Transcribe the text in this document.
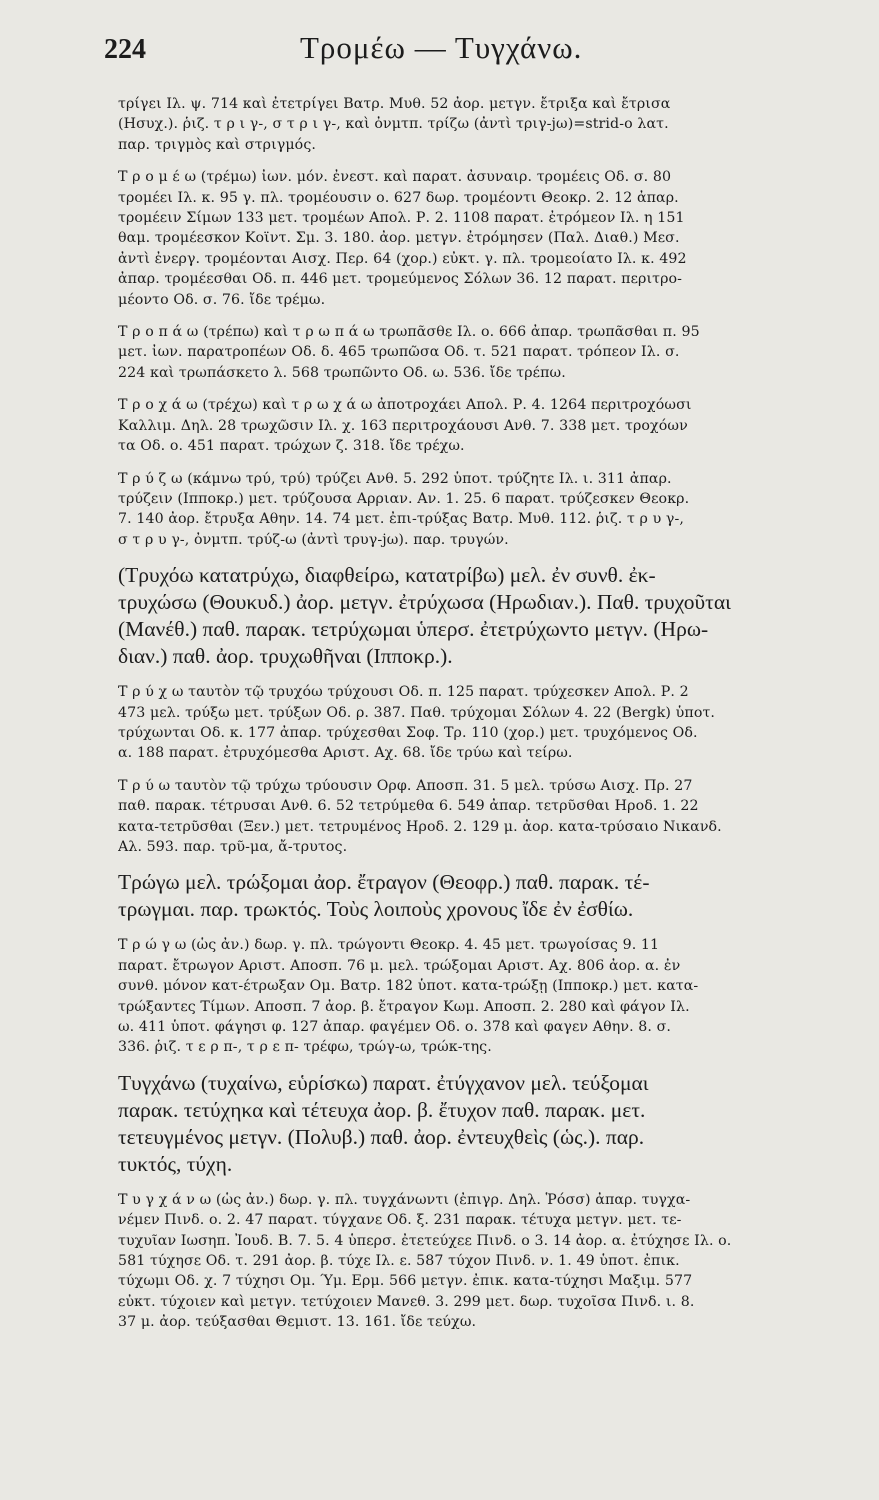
224	Τρομέω — Τυγχάνω.
τρίγει Ιλ. ψ. 714 καὶ ἐτετρίγει Βατρ. Μυθ. 52 ἀορ. μετγν. ἔτριξα καὶ ἔτρισα
(Ησυχ.). ῥιζ. τ ρ ι γ-, σ τ ρ ι γ-, καὶ ὀνμτπ. τρίζω (ἀντὶ τριγ-jω)=strid-o λατ.
παρ. τριγμὸς καὶ στριγμός.
Τ ρ ο μ έ ω (τρέμω) ἰων. μόν. ἐνεστ. καὶ παρατ. ἀσυναιρ. τρομέεις Οδ. σ. 80
τρομέει Ιλ. κ. 95 γ. πλ. τρομέουσιν ο. 627 δωρ. τρομέοντι Θεοκρ. 2. 12 ἀπαρ.
τρομέειν Σίμων 133 μετ. τρομέων Απολ. Ρ. 2. 1108 παρατ. ἐτρόμεον Ιλ. η 151
θαμ. τρομέεσκον Κοϊντ. Σμ. 3. 180. ἀορ. μετγν. ἐτρόμησεν (Παλ. Διαθ.) Μεσ.
ἀντὶ ἐνεργ. τρομέονται Αισχ. Περ. 64 (χορ.) εὐκτ. γ. πλ. τρομεοίατο Ιλ. κ. 492
ἀπαρ. τρομέεσθαι Οδ. π. 446 μετ. τρομεύμενος Σόλων 36. 12 παρατ. περιτρο-
μέοντο Οδ. σ. 76. ἴδε τρέμω.
Τ ρ ο π ά ω (τρέπω) καὶ τ ρ ω π ά ω τρωπᾶσθε Ιλ. ο. 666 ἀπαρ. τρωπᾶσθαι π. 95
μετ. ἰων. παρατροπέων Οδ. δ. 465 τρωπῶσα Οδ. τ. 521 παρατ. τρόπεον Ιλ. σ.
224 καὶ τρωπάσκετο λ. 568 τρωπῶντο Οδ. ω. 536. ἴδε τρέπω.
Τ ρ ο χ ά ω (τρέχω) καὶ τ ρ ω χ ά ω ἀποτροχάει Απολ. Ρ. 4. 1264 περιτροχόωσι
Καλλιμ. Δηλ. 28 τρωχῶσιν Ιλ. χ. 163 περιτροχάουσι Ανθ. 7. 338 μετ. τροχόων
τα Οδ. ο. 451 παρατ. τρώχων ζ. 318. ἴδε τρέχω.
Τ ρ ύ ζ ω (κάμνω τρύ, τρύ) τρύζει Ανθ. 5. 292 ὑποτ. τρύζητε Ιλ. ι. 311 ἀπαρ.
τρύζειν (Ιπποκρ.) μετ. τρύζουσα Αρριαν. Αν. 1. 25. 6 παρατ. τρύζεσκεν Θεοκρ.
7. 140 ἀορ. ἔτρυξα Αθην. 14. 74 μετ. ἐπι-τρύξας Βατρ. Μυθ. 112. ῥιζ. τ ρ υ γ-,
σ τ ρ υ γ-, ὀνμτπ. τρύζ-ω (ἀντὶ τρυγ-jω). παρ. τρυγών.
(Τρυχόω κατατρύχω, διαφθείρω, κατατρίβω) μελ. ἐν συνθ. ἐκ-
τρυχώσω (Θουκυδ.) ἀορ. μετγν. ἐτρύχωσα (Ηρωδιαν.). Παθ. τρυχοῦται
(Μανέθ.) παθ. παρακ. τετρύχωμαι ὑπερσ. ἐτετρύχωντο μετγν. (Ηρω-
διαν.) παθ. ἀορ. τρυχωθῆναι (Ιπποκρ.).
Τ ρ ύ χ ω ταυτὸν τῷ τρυχόω τρύχουσι Οδ. π. 125 παρατ. τρύχεσκεν Απολ. Ρ. 2
473 μελ. τρύξω μετ. τρύξων Οδ. ρ. 387. Παθ. τρύχομαι Σόλων 4. 22 (Bergk) ὑποτ.
τρύχωνται Οδ. κ. 177 ἀπαρ. τρύχεσθαι Σοφ. Τρ. 110 (χορ.) μετ. τρυχόμενος Οδ.
α. 188 παρατ. ἐτρυχόμεσθα Αριστ. Αχ. 68. ἴδε τρύω καὶ τείρω.
Τ ρ ύ ω ταυτὸν τῷ τρύχω τρύουσιν Ορφ. Αποσπ. 31. 5 μελ. τρύσω Αισχ. Πρ. 27
παθ. παρακ. τέτρυσαι Ανθ. 6. 52 τετρύμεθα 6. 549 ἀπαρ. τετρῦσθαι Ηροδ. 1. 22
κατα-τετρῦσθαι (Ξεν.) μετ. τετρυμένος Ηροδ. 2. 129 μ. ἀορ. κατα-τρύσαιο Νικανδ.
Αλ. 593. παρ. τρῦ-μα, ἄ-τρυτος.
Τρώγω μελ. τρώξομαι ἀορ. ἔτραγον (Θεοφρ.) παθ. παρακ. τέ-
τρωγμαι. παρ. τρωκτός. Τοὺς λοιποὺς χρονους ἴδε ἐν ἐσθίω.
Τ ρ ώ γ ω (ὡς ἀν.) δωρ. γ. πλ. τρώγοντι Θεοκρ. 4. 45 μετ. τρωγοίσας 9. 11
παρατ. ἔτρωγον Αριστ. Αποσπ. 76 μ. μελ. τρώξομαι Αριστ. Αχ. 806 ἀορ. α. ἐν
συνθ. μόνον κατ-έτρωξαν Ομ. Βατρ. 182 ὑποτ. κατα-τρώξῃ (Ιπποκρ.) μετ. κατα-
τρώξαντες Τίμων. Αποσπ. 7 ἀορ. β. ἔτραγον Κωμ. Αποσπ. 2. 280 καὶ φάγον Ιλ.
ω. 411 ὑποτ. φάγησι φ. 127 ἀπαρ. φαγέμεν Οδ. ο. 378 καὶ φαγεν Αθην. 8. σ.
336. ῥιζ. τ ε ρ π-, τ ρ ε π- τρέφω, τρώγ-ω, τρώκ-της.
Τυγχάνω (τυχαίνω, εὑρίσκω) παρατ. ἐτύγχανον μελ. τεύξομαι
παρακ. τετύχηκα καὶ τέτευχα ἀορ. β. ἔτυχον παθ. παρακ. μετ.
τετευγμένος μετγν. (Πολυβ.) παθ. ἀορ. ἐντευχθεὶς (ὡς.). παρ.
τυκτός, τύχη.
Τ υ γ χ ά ν ω (ὡς ἀν.) δωρ. γ. πλ. τυγχάνωντι (ἐπιγρ. Δηλ. Ῥόσσ) ἀπαρ. τυγχα-
νέμεν Πινδ. ο. 2. 47 παρατ. τύγχανε Οδ. ξ. 231 παρακ. τέτυχα μετγν. μετ. τε-
τυχυῖαν Ιωσηπ. Ἰουδ. Β. 7. 5. 4 ὑπερσ. ἐτετεύχεε Πινδ. ο 3. 14 ἀορ. α. ἐτύχησε Ιλ. ο.
581 τύχησε Οδ. τ. 291 ἀορ. β. τύχε Ιλ. ε. 587 τύχον Πινδ. ν. 1. 49 ὑποτ. ἐπικ.
τύχωμι Οδ. χ. 7 τύχησι Ομ. Ύμ. Ερμ. 566 μετγν. ἐπικ. κατα-τύχησι Μαξιμ. 577
εὐκτ. τύχοιεν καὶ μετγν. τετύχοιεν Μανεθ. 3. 299 μετ. δωρ. τυχοῖσα Πινδ. ι. 8.
37 μ. ἀορ. τεύξασθαι Θεμιστ. 13. 161. ἴδε τεύχω.
